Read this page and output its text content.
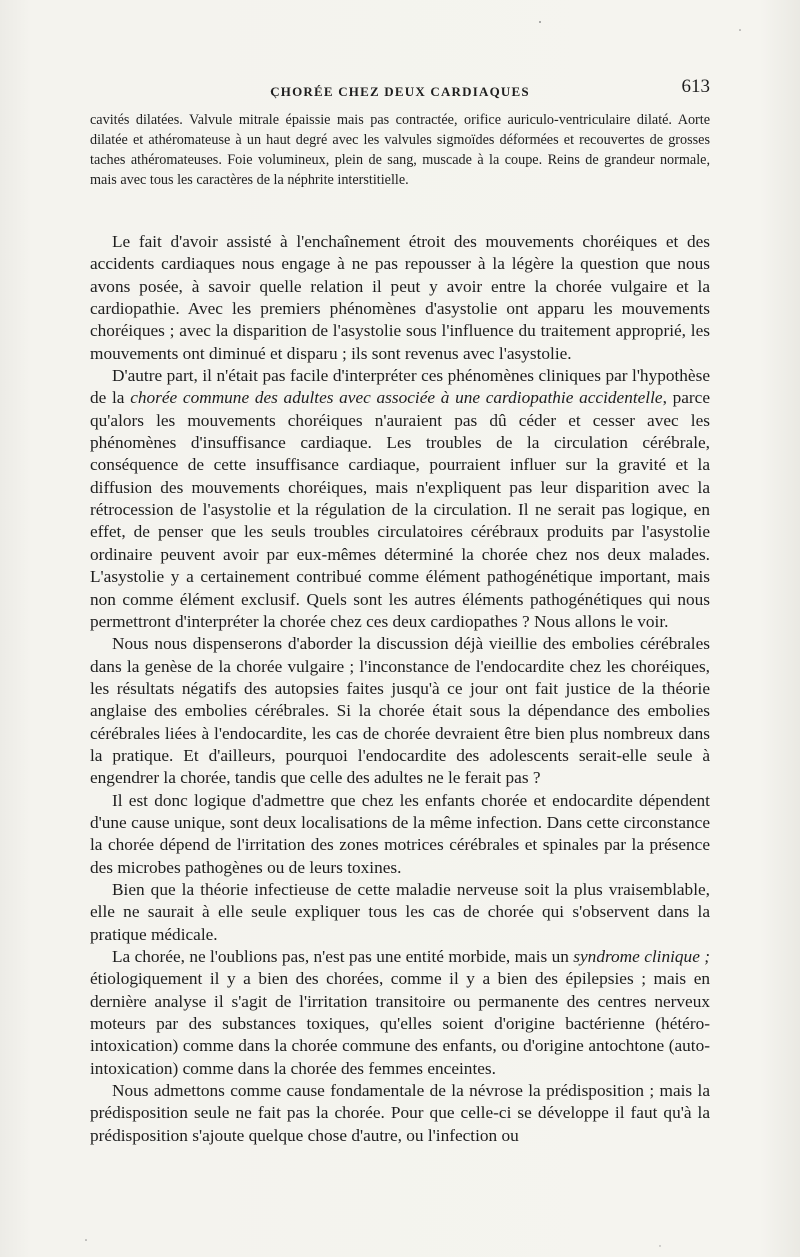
CHORÉE CHEZ DEUX CARDIAQUES	613

cavités dilatées. Valvule mitrale épaissie mais pas contractée, orifice auriculo-ventriculaire dilaté. Aorte dilatée et athéromateuse à un haut degré avec les valvules sigmoïdes déformées et recouvertes de grosses taches athéromateuses. Foie volumineux, plein de sang, muscade à la coupe. Reins de grandeur normale, mais avec tous les caractères de la néphrite interstitielle.

Le fait d'avoir assisté à l'enchaînement étroit des mouvements choréiques et des accidents cardiaques nous engage à ne pas repousser à la légère la question que nous avons posée, à savoir quelle relation il peut y avoir entre la chorée vulgaire et la cardiopathie. Avec les premiers phénomènes d'asystolie ont apparu les mouvements choréiques ; avec la disparition de l'asystolie sous l'influence du traitement approprié, les mouvements ont diminué et disparu ; ils sont revenus avec l'asystolie.

D'autre part, il n'était pas facile d'interpréter ces phénomènes cliniques par l'hypothèse de la chorée commune des adultes avec associée à une cardiopathie accidentelle, parce qu'alors les mouvements choréiques n'auraient pas dû céder et cesser avec les phénomènes d'insuffisance cardiaque. Les troubles de la circulation cérébrale, conséquence de cette insuffisance cardiaque, pourraient influer sur la gravité et la diffusion des mouvements choréiques, mais n'expliquent pas leur disparition avec la rétrocession de l'asystolie et la régulation de la circulation. Il ne serait pas logique, en effet, de penser que les seuls troubles circulatoires cérébraux produits par l'asystolie ordinaire peuvent avoir par eux-mêmes déterminé la chorée chez nos deux malades. L'asystolie y a certainement contribué comme élément pathogénétique important, mais non comme élément exclusif. Quels sont les autres éléments pathogénétiques qui nous permettront d'interpréter la chorée chez ces deux cardiopathes ? Nous allons le voir.

Nous nous dispenserons d'aborder la discussion déjà vieillie des embolies cérébrales dans la genèse de la chorée vulgaire ; l'inconstance de l'endocardite chez les choréiques, les résultats négatifs des autopsies faites jusqu'à ce jour ont fait justice de la théorie anglaise des embolies cérébrales. Si la chorée était sous la dépendance des embolies cérébrales liées à l'endocardite, les cas de chorée devraient être bien plus nombreux dans la pratique. Et d'ailleurs, pourquoi l'endocardite des adolescents serait-elle seule à engendrer la chorée, tandis que celle des adultes ne le ferait pas ?

Il est donc logique d'admettre que chez les enfants chorée et endocardite dépendent d'une cause unique, sont deux localisations de la même infection. Dans cette circonstance la chorée dépend de l'irritation des zones motrices cérébrales et spinales par la présence des microbes pathogènes ou de leurs toxines.

Bien que la théorie infectieuse de cette maladie nerveuse soit la plus vraisemblable, elle ne saurait à elle seule expliquer tous les cas de chorée qui s'observent dans la pratique médicale.

La chorée, ne l'oublions pas, n'est pas une entité morbide, mais un syndrome clinique ; étiologiquement il y a bien des chorées, comme il y a bien des épilepsies ; mais en dernière analyse il s'agit de l'irritation transitoire ou permanente des centres nerveux moteurs par des substances toxiques, qu'elles soient d'origine bactérienne (hétéro-intoxication) comme dans la chorée commune des enfants, ou d'origine antochtone (auto-intoxication) comme dans la chorée des femmes enceintes.

Nous admettons comme cause fondamentale de la névrose la prédisposition ; mais la prédisposition seule ne fait pas la chorée. Pour que celle-ci se développe il faut qu'à la prédisposition s'ajoute quelque chose d'autre, ou l'infection ou
